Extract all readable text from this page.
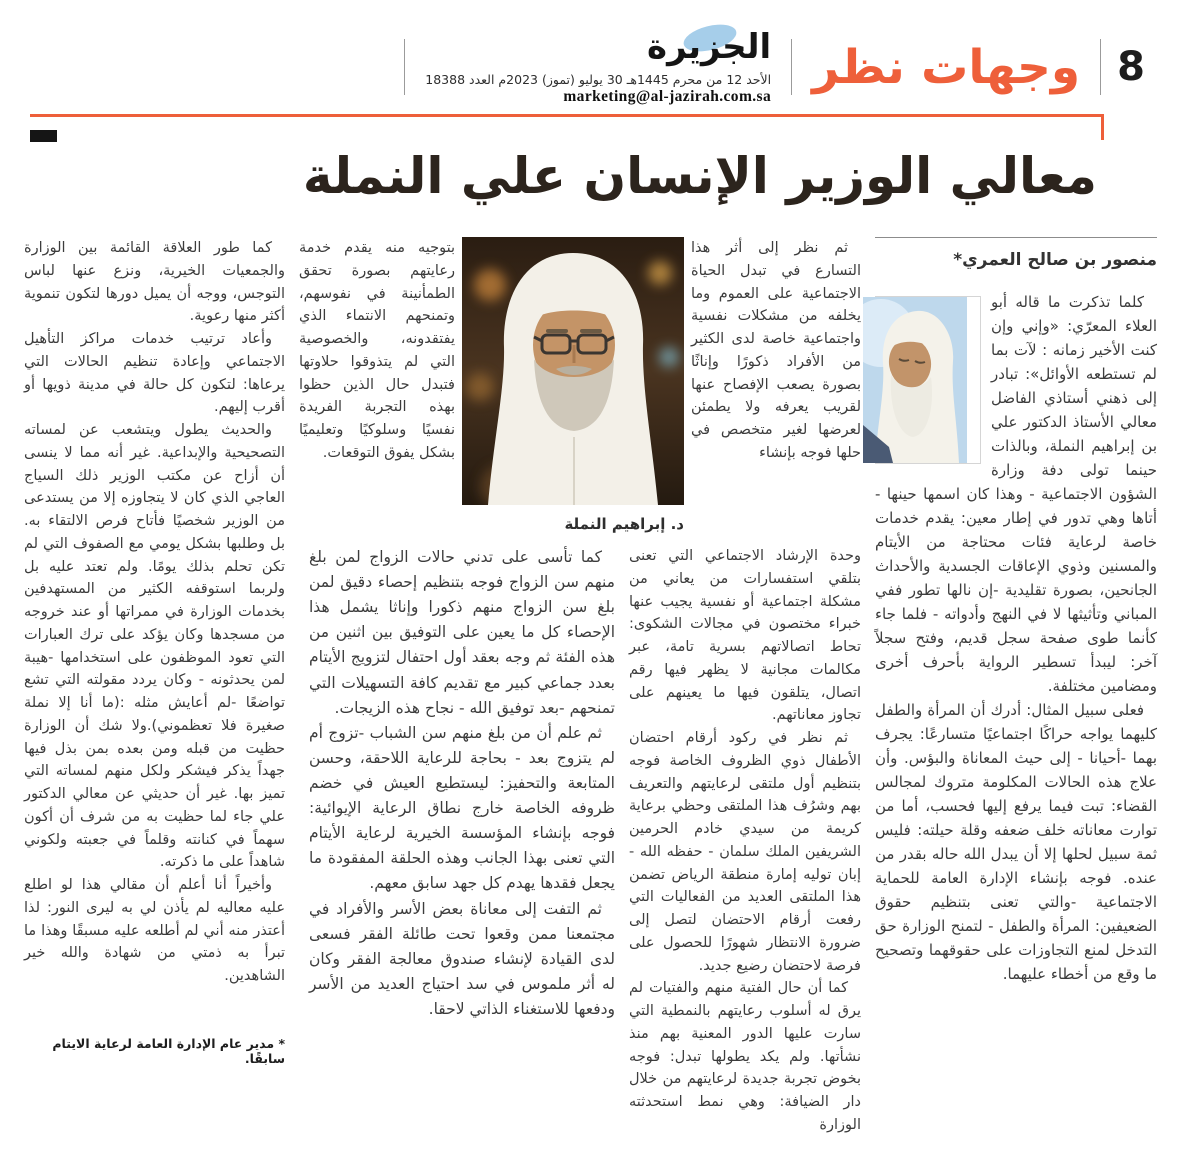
8
وجهات نظر
الجزيرة
الأحد 12 من محرم 1445هـ 30 يوليو (تموز) 2023م العدد 18388
marketing@al-jazirah.com.sa
معالي الوزير الإنسان علي النملة
منصور بن صالح العمري*

كلما تذكرت ما قاله أبو العلاء المعرّي: «وإني وإن كنت الأخير زمانه : لآت بما لم تستطعه الأوائل»: تبادر إلى ذهني أستاذي الفاضل معالي الأستاذ الدكتور علي بن إبراهيم النملة، وبالذات حينما تولى دفة وزارة الشؤون الاجتماعية - وهذا كان اسمها حينها - أتاها وهي تدور في إطار معين: يقدم خدمات خاصة لرعاية فئات محتاجة من الأيتام والمسنين وذوي الإعاقات الجسدية والأحداث الجانحين، بصورة تقليدية -إن نالها تطور ففي المباني وتأثيثها لا في النهج وأدواته - فلما جاء كأنما طوى صفحة سجل قديم، وفتح سجلاً آخر: ليبدأ تسطير الرواية بأحرف أخرى ومضامين مختلفة.

فعلى سبيل المثال: أدرك أن المرأة والطفل كليهما يواجه حراكًا اجتماعيًا متسارعًا: يجرف بهما -أحيانا - إلى حيث المعاناة والبؤس. وأن علاج هذه الحالات المكلومة متروك لمجالس القضاء: تبت فيما يرفع إليها فحسب، أما من توارت معاناته خلف ضعفه وقلة حيلته: فليس ثمة سبيل لحلها إلا أن يبدل الله حاله بقدر من عنده. فوجه بإنشاء الإدارة العامة للحماية الاجتماعية -والتي تعنى بتنظيم حقوق الضعيفين: المرأة والطفل - لتمنح الوزارة حق التدخل لمنع التجاوزات على حقوقهما وتصحيح ما وقع من أخطاء عليهما.

ثم نظر إلى أثر هذا التسارع في تبدل الحياة الاجتماعية على العموم وما يخلفه من مشكلات نفسية واجتماعية خاصة لدى الكثير من الأفراد ذكورًا وإناثًا بصورة يصعب الإفصاح عنها لقريب يعرفه ولا يطمئن لعرضها لغير متخصص في حلها فوجه بإنشاء

د. إبراهيم النملة

بتوجيه منه يقدم خدمة رعايتهم بصورة تحقق الطمأنينة في نفوسهم، وتمنحهم الانتماء الذي يفتقدونه، والخصوصية التي لم يتذوقوا حلاوتها فتبدل حال الذين حظوا بهذه التجربة الفريدة نفسيًا وسلوكيًا وتعليميًا بشكل يفوق التوقعات.

وحدة الإرشاد الاجتماعي التي تعنى بتلقي استفسارات من يعاني من مشكلة اجتماعية أو نفسية يجيب عنها خبراء مختصون في مجالات الشكوى: تحاط اتصالاتهم بسرية تامة، عبر مكالمات مجانية لا يظهر فيها رقم اتصال، يتلقون فيها ما يعينهم على تجاوز معاناتهم.

ثم نظر في ركود أرقام احتضان الأطفال ذوي الظروف الخاصة فوجه بتنظيم أول ملتقى لرعايتهم والتعريف بهم وشرُف هذا الملتقى وحظي برعاية كريمة من سيدي خادم الحرمين الشريفين الملك سلمان - حفظه الله - إبان توليه إمارة منطقة الرياض تضمن هذا الملتقى العديد من الفعاليات التي رفعت أرقام الاحتضان لتصل إلى ضرورة الانتظار شهورًا للحصول على فرصة لاحتضان رضيع جديد.

كما أن حال الفتية منهم والفتيات لم يرق له أسلوب رعايتهم بالنمطية التي سارت عليها الدور المعنية بهم منذ نشأتها. ولم يكد يطولها تبدل: فوجه بخوض تجربة جديدة لرعايتهم من خلال دار الضيافة: وهي نمط استحدثته الوزارة

كما تأسى على تدني حالات الزواج لمن بلغ منهم سن الزواج فوجه بتنظيم إحصاء دقيق لمن بلغ سن الزواج منهم ذكورا وإناثا يشمل هذا الإحصاء كل ما يعين على التوفيق بين اثنين من هذه الفئة ثم وجه بعقد أول احتفال لتزويج الأيتام بعدد جماعي كبير مع تقديم كافة التسهيلات التي تمنحهم -بعد توفيق الله - نجاح هذه الزيجات.

ثم علم أن من بلغ منهم سن الشباب -تزوج أم لم يتزوج بعد - بحاجة للرعاية اللاحقة، وحسن المتابعة والتحفيز: ليستطيع العيش في خضم ظروفه الخاصة خارج نطاق الرعاية الإيوائية: فوجه بإنشاء المؤسسة الخيرية لرعاية الأيتام التي تعنى بهذا الجانب وهذه الحلقة المفقودة ما يجعل فقدها يهدم كل جهد سابق معهم.

ثم التفت إلى معاناة بعض الأسر والأفراد في مجتمعنا ممن وقعوا تحت طائلة الفقر فسعى لدى القيادة لإنشاء صندوق معالجة الفقر وكان له أثر ملموس في سد احتياج العديد من الأسر ودفعها للاستغناء الذاتي لاحقا.

كما طور العلاقة القائمة بين الوزارة والجمعيات الخيرية، ونزع عنها لباس التوجس، ووجه أن يميل دورها لتكون تنموية أكثر منها رعوية.

وأعاد ترتيب خدمات مراكز التأهيل الاجتماعي وإعادة تنظيم الحالات التي يرعاها: لتكون كل حالة في مدينة ذويها أو أقرب إليهم.

والحديث يطول ويتشعب عن لمساته التصحيحية والإبداعية. غير أنه مما لا ينسى أن أزاح عن مكتب الوزير ذلك السياج العاجي الذي كان لا يتجاوزه إلا من يستدعى من الوزير شخصيًا فأتاح فرص الالتقاء به. بل وطلبها بشكل يومي مع الصفوف التي لم تكن تحلم بذلك يومًا. ولم تعتد عليه بل ولربما استوقفه الكثير من المستهدفين بخدمات الوزارة في ممراتها أو عند خروجه من مسجدها وكان يؤكد على ترك العبارات التي تعود الموظفون على استخدامها -هيبة لمن يحدثونه - وكان يردد مقولته التي تشع تواضعًا -لم أعايش مثله :(ما أنا إلا نملة صغيرة فلا تعظموني).ولا شك أن الوزارة حظيت من قبله ومن بعده بمن بذل فيها جهداً يذكر فيشكر ولكل منهم لمساته التي تميز بها. غير أن حديثي عن معالي الدكتور علي جاء لما حظيت به من شرف أن أكون سهماً في كنانته وقلماً في جعبته ولكوني شاهداً على ما ذكرته.

وأخيراً أنا أعلم أن مقالي هذا لو اطلع عليه معاليه لم يأذن لي به ليرى النور: لذا أعتذر منه أني لم أطلعه عليه مسبقًا وهذا ما تبرأ به ذمتي من شهادة والله خير الشاهدين.

* مدير عام الإدارة العامة لرعاية الايتام سابقًا.
